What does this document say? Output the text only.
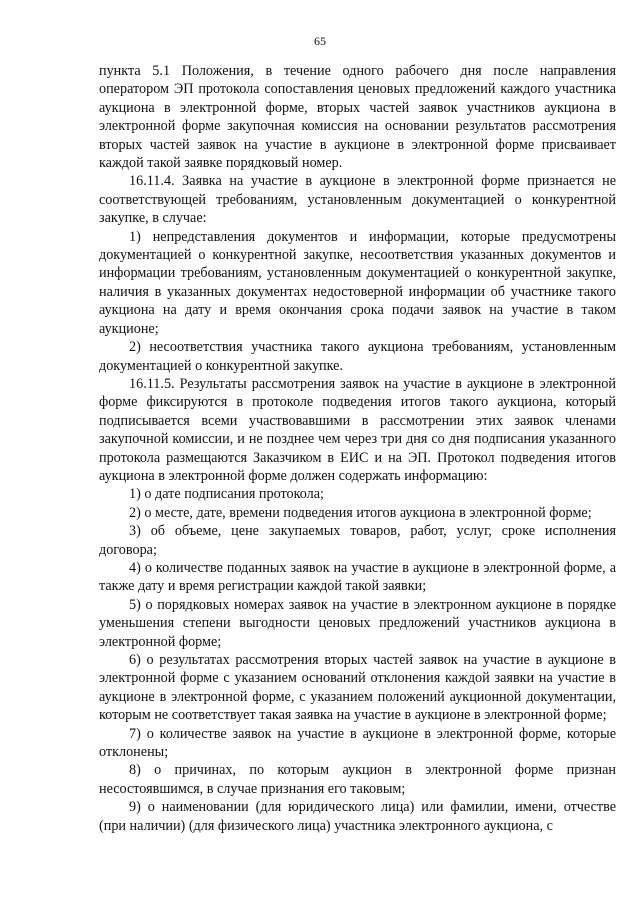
65

пункта 5.1 Положения, в течение одного рабочего дня после направления оператором ЭП протокола сопоставления ценовых предложений каждого участника аукциона в электронной форме, вторых частей заявок участников аукциона в электронной форме закупочная комиссия на основании результатов рассмотрения вторых частей заявок на участие в аукционе в электронной форме присваивает каждой такой заявке порядковый номер.

16.11.4. Заявка на участие в аукционе в электронной форме признается не соответствующей требованиям, установленным документацией о конкурентной закупке, в случае:

1) непредставления документов и информации, которые предусмотрены документацией о конкурентной закупке, несоответствия указанных документов и информации требованиям, установленным документацией о конкурентной закупке, наличия в указанных документах недостоверной информации об участнике такого аукциона на дату и время окончания срока подачи заявок на участие в таком аукционе;

2) несоответствия участника такого аукциона требованиям, установленным документацией о конкурентной закупке.

16.11.5. Результаты рассмотрения заявок на участие в аукционе в электронной форме фиксируются в протоколе подведения итогов такого аукциона, который подписывается всеми участвовавшими в рассмотрении этих заявок членами закупочной комиссии, и не позднее чем через три дня со дня подписания указанного протокола размещаются Заказчиком в ЕИС и на ЭП. Протокол подведения итогов аукциона в электронной форме должен содержать информацию:

1) о дате подписания протокола;

2) о месте, дате, времени подведения итогов аукциона в электронной форме;

3) об объеме, цене закупаемых товаров, работ, услуг, сроке исполнения договора;

4) о количестве поданных заявок на участие в аукционе в электронной форме, а также дату и время регистрации каждой такой заявки;

5) о порядковых номерах заявок на участие в электронном аукционе в порядке уменьшения степени выгодности ценовых предложений участников аукциона в электронной форме;

6) о результатах рассмотрения вторых частей заявок на участие в аукционе в электронной форме с указанием оснований отклонения каждой заявки на участие в аукционе в электронной форме, с указанием положений аукционной документации, которым не соответствует такая заявка на участие в аукционе в электронной форме;

7) о количестве заявок на участие в аукционе в электронной форме, которые отклонены;

8) о причинах, по которым аукцион в электронной форме признан несостоявшимся, в случае признания его таковым;

9) о наименовании (для юридического лица) или фамилии, имени, отчестве (при наличии) (для физического лица) участника электронного аукциона, с
